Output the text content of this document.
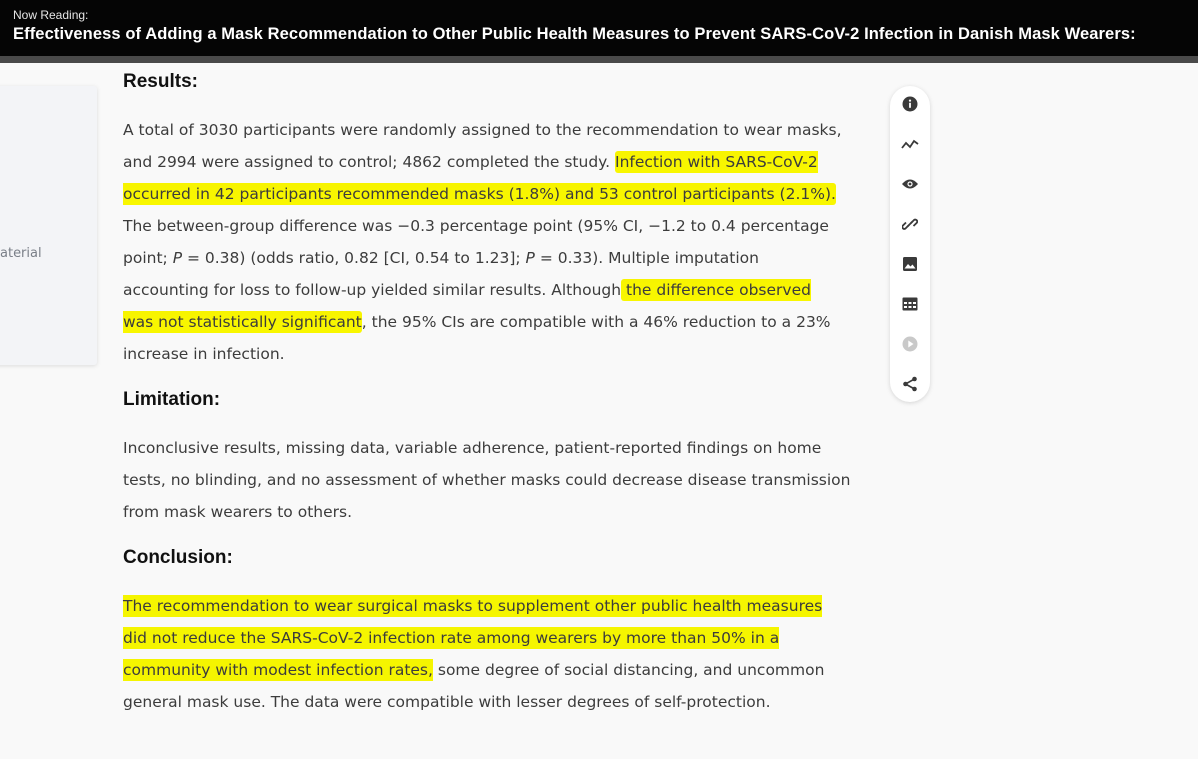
Now Reading:
Effectiveness of Adding a Mask Recommendation to Other Public Health Measures to Prevent SARS-CoV-2 Infection in Danish Mask Wearers:
aterial
Results:

A total of 3030 participants were randomly assigned to the recommendation to wear masks, and 2994 were assigned to control; 4862 completed the study. Infection with SARS-CoV-2 occurred in 42 participants recommended masks (1.8%) and 53 control participants (2.1%). The between-group difference was −0.3 percentage point (95% CI, −1.2 to 0.4 percentage point; P = 0.38) (odds ratio, 0.82 [CI, 0.54 to 1.23]; P = 0.33). Multiple imputation accounting for loss to follow-up yielded similar results. Although the difference observed was not statistically significant, the 95% CIs are compatible with a 46% reduction to a 23% increase in infection.

Limitation:

Inconclusive results, missing data, variable adherence, patient-reported findings on home tests, no blinding, and no assessment of whether masks could decrease disease transmission from mask wearers to others.

Conclusion:

The recommendation to wear surgical masks to supplement other public health measures did not reduce the SARS-CoV-2 infection rate among wearers by more than 50% in a community with modest infection rates, some degree of social distancing, and uncommon general mask use. The data were compatible with lesser degrees of self-protection.
